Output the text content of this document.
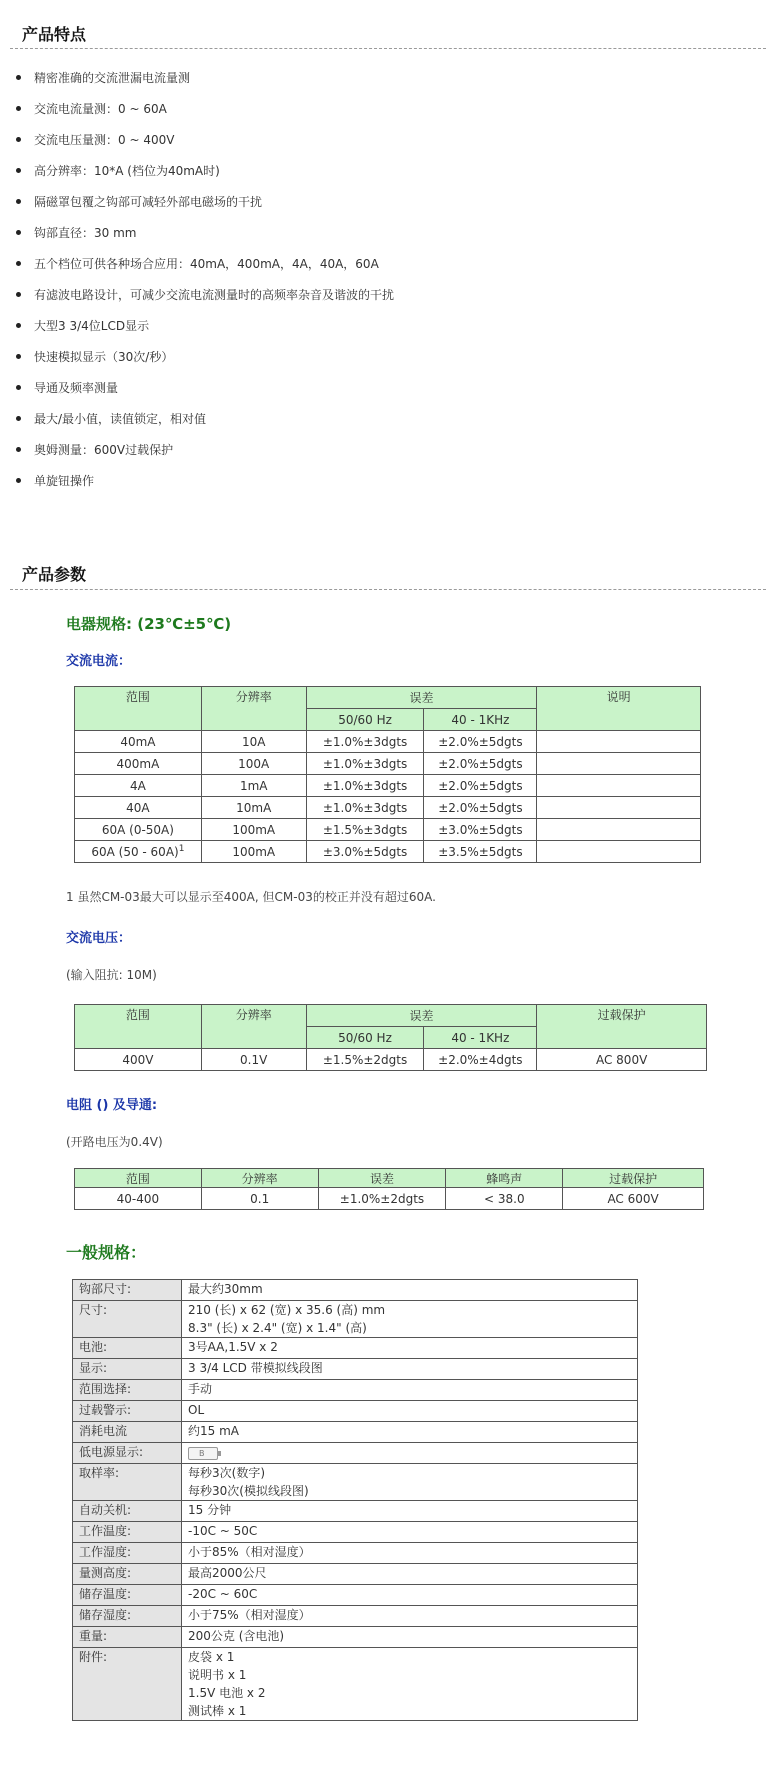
产品特点
精密准确的交流泄漏电流量测
交流电流量测：0 ~ 60A
交流电压量测：0 ~ 400V
高分辨率：10*A (档位为40mA时)
隔磁罩包覆之钩部可减轻外部电磁场的干扰
钩部直径：30 mm
五个档位可供各种场合应用：40mA，400mA，4A，40A，60A
有滤波电路设计，可减少交流电流测量时的高频率杂音及谐波的干扰
大型3 3/4位LCD显示
快速模拟显示（30次/秒）
导通及频率测量
最大/最小值，读值锁定，相对值
奥姆测量：600V过载保护
单旋钮操作
产品参数
电器规格: (23℃±5℃)
交流电流：
范围	分辨率	误差		说明
		50/60 Hz	40 - 1KHz	
40mA	10A	±1.0%±3dgts	±2.0%±5dgts	
400mA	100A	±1.0%±3dgts	±2.0%±5dgts	
4A	1mA	±1.0%±3dgts	±2.0%±5dgts	
40A	10mA	±1.0%±3dgts	±2.0%±5dgts	
60A (0-50A)	100mA	±1.5%±3dgts	±3.0%±5dgts	
60A (50 - 60A)$^1$	100mA	±3.0%±5dgts	±3.5%±5dgts	
1 虽然CM-03最大可以显示至400A, 但CM-03的校正并没有超过60A.
交流电压：
(输入阻抗: 10M)
范围	分辨率	误差		过载保护
		50/60 Hz	40 - 1KHz	
400V	0.1V	±1.5%±2dgts	±2.0%±4dgts	AC 800V
电阻 () 及导通:
(开路电压为0.4V)
范围	分辨率	误差	蜂鸣声	过载保护
40-400	0.1	±1.0%±2dgts	< 38.0	AC 600V
一般规格：
钩部尺寸:	最大约30mm

尺寸:	210 (长) x 62 (宽) x 35.6 (高) mm
8.3" (长) x 2.4" (宽) x 1.4" (高)

电池:	3号AA,1.5V x 2

显示:	3 3/4 LCD 带模拟线段图

范围选择:	手动

过载警示:	OL

消耗电流	约15 mA

低电源显示:	B

取样率:	每秒3次(数字)
每秒30次(模拟线段图)

自动关机:	15 分钟

工作温度:	-10C ~ 50C

工作湿度:	小于85%（相对湿度）

量测高度:	最高2000公尺

储存温度:	-20C ~ 60C

储存湿度:	小于75%（相对湿度）

重量:	200公克 (含电池)

附件:	皮袋 x 1
说明书 x 1
1.5V 电池 x 2
测试棒 x 1
